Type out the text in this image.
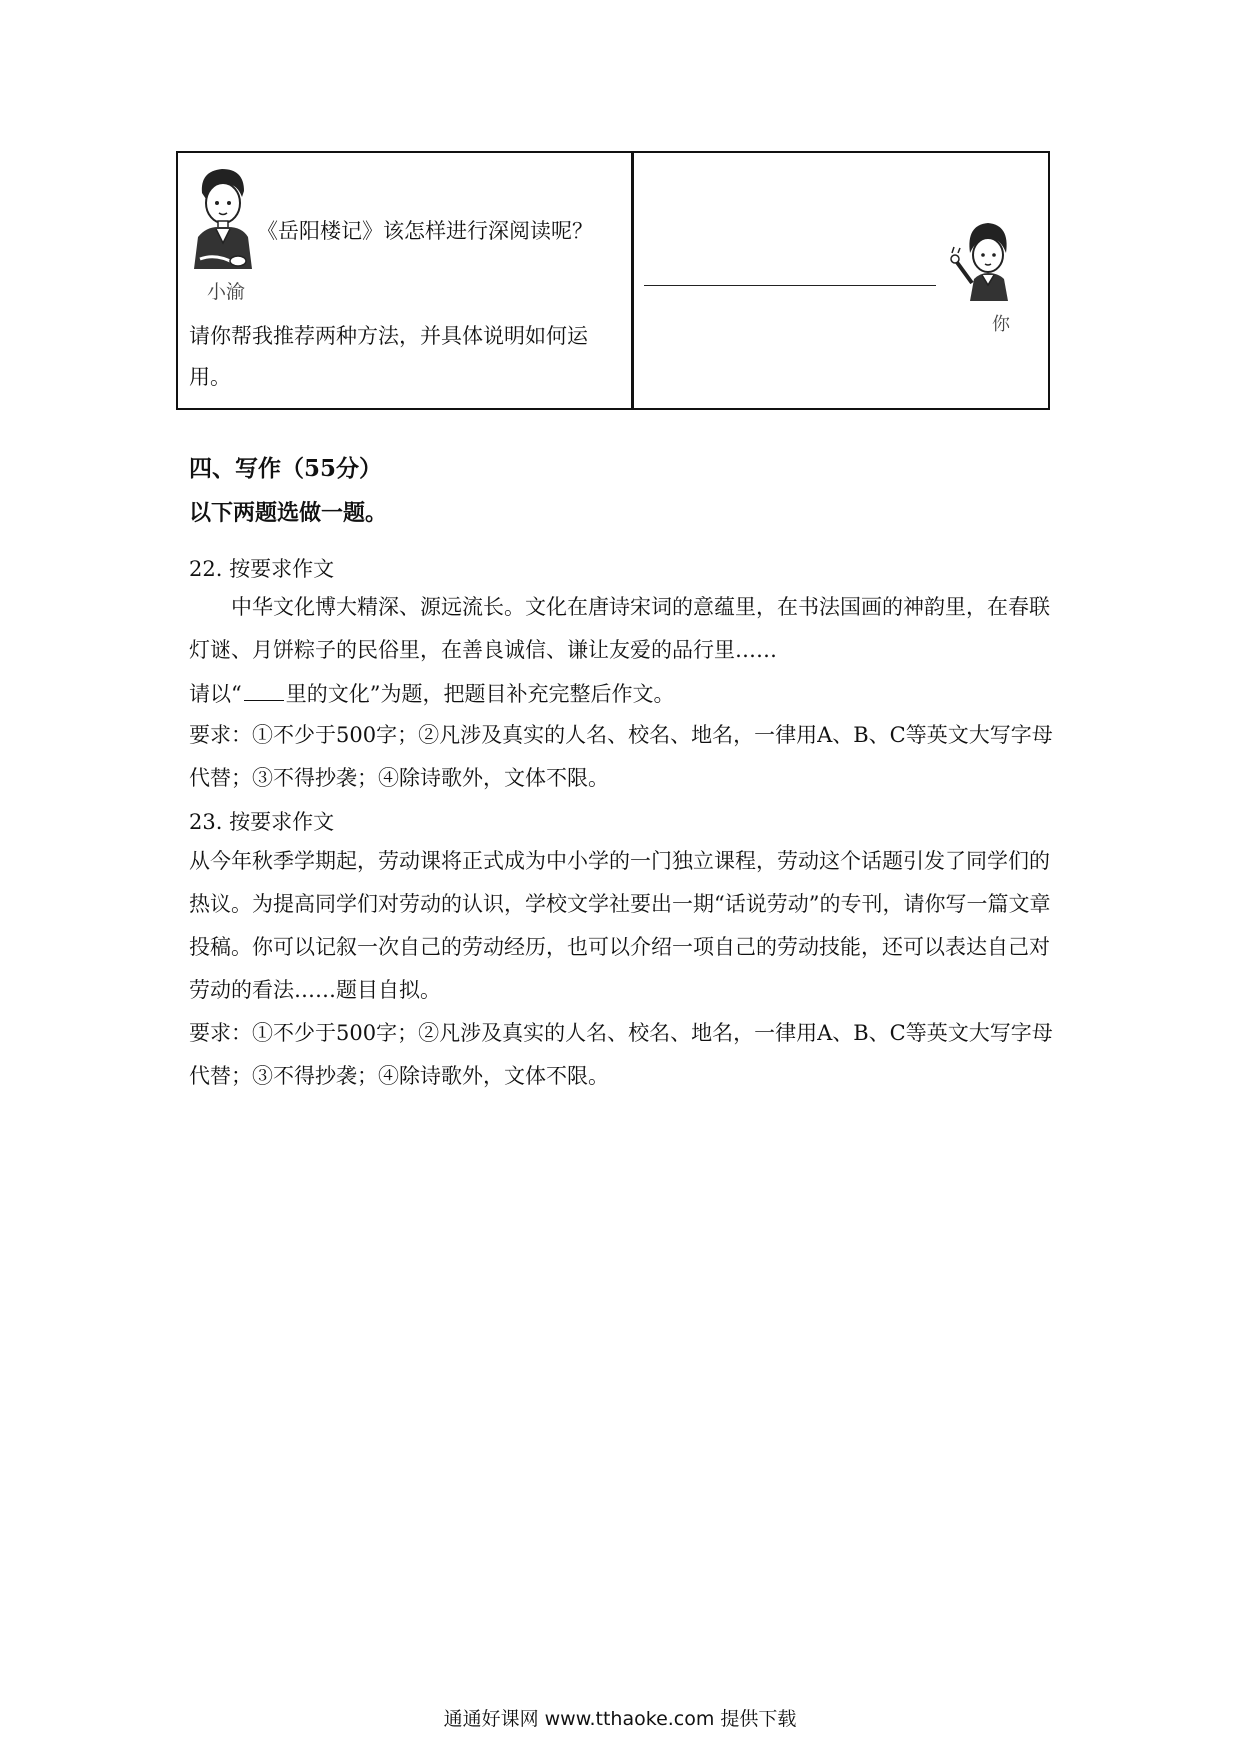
小渝
《岳阳楼记》该怎样进行深阅读呢？
请你帮我推荐两种方法，并具体说明如何运用。
你
四、写作（55分）
以下两题选做一题。
22. 按要求作文
中华文化博大精深、源远流长。文化在唐诗宋词的意蕴里，在书法国画的神韵里，在春联灯谜、月饼粽子的民俗里，在善良诚信、谦让友爱的品行里……
请以“ 里的文化”为题，把题目补充完整后作文。
要求：①不少于500字；②凡涉及真实的人名、校名、地名，一律用A、B、C等英文大写字母代替；③不得抄袭；④除诗歌外，文体不限。
23. 按要求作文
从今年秋季学期起，劳动课将正式成为中小学的一门独立课程，劳动这个话题引发了同学们的热议。为提高同学们对劳动的认识，学校文学社要出一期“话说劳动”的专刊，请你写一篇文章投稿。你可以记叙一次自己的劳动经历，也可以介绍一项自己的劳动技能，还可以表达自己对劳动的看法……题目自拟。
要求：①不少于500字；②凡涉及真实的人名、校名、地名，一律用A、B、C等英文大写字母代替；③不得抄袭；④除诗歌外，文体不限。
通通好课网 www.tthaoke.com 提供下载
